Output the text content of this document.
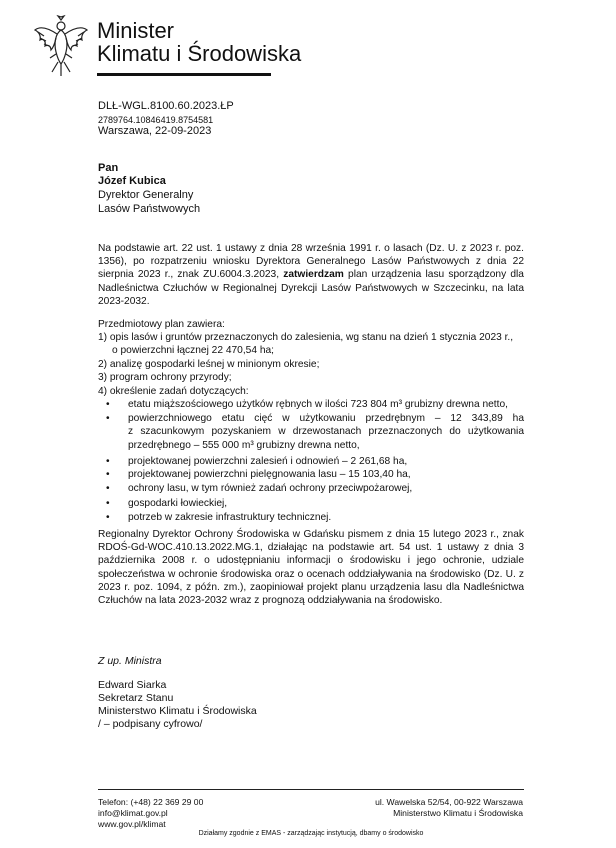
Minister
Klimatu i Środowiska
DLŁ-WGL.8100.60.2023.ŁP
2789764.10846419.8754581
Warszawa, 22-09-2023
Pan
Józef Kubica
Dyrektor Generalny
Lasów Państwowych
Na podstawie art. 22 ust. 1 ustawy z dnia 28 września 1991 r. o lasach (Dz. U. z 2023 r. poz. 1356), po rozpatrzeniu wniosku Dyrektora Generalnego Lasów Państwowych z dnia 22 sierpnia 2023 r., znak ZU.6004.3.2023, zatwierdzam plan urządzenia lasu sporządzony dla Nadleśnictwa Człuchów w Regionalnej Dyrekcji Lasów Państwowych w Szczecinku, na lata 2023-2032.
Przedmiotowy plan zawiera:
1) opis lasów i gruntów przeznaczonych do zalesienia, wg stanu na dzień 1 stycznia 2023 r.,
o powierzchni łącznej 22 470,54 ha;
2) analizę gospodarki leśnej w minionym okresie;
3) program ochrony przyrody;
4) określenie zadań dotyczących:
• etatu miąższościowego użytków rębnych w ilości 723 804 m³ grubizny drewna netto,
• powierzchniowego etatu cięć w użytkowaniu przedrębnym – 12 343,89 ha
z szacunkowym pozyskaniem w drzewostanach przeznaczonych do użytkowania
przedrębnego – 555 000 m³ grubizny drewna netto,
• projektowanej powierzchni zalesień i odnowień – 2 261,68 ha,
• projektowanej powierzchni pielęgnowania lasu – 15 103,40 ha,
• ochrony lasu, w tym również zadań ochrony przeciwpożarowej,
• gospodarki łowieckiej,
• potrzeb w zakresie infrastruktury technicznej.
Regionalny Dyrektor Ochrony Środowiska w Gdańsku pismem z dnia 15 lutego 2023 r., znak RDOŚ-Gd-WOC.410.13.2022.MG.1, działając na podstawie art. 54 ust. 1 ustawy z dnia 3 października 2008 r. o udostępnianiu informacji o środowisku i jego ochronie, udziale społeczeństwa w ochronie środowiska oraz o ocenach oddziaływania na środowisko (Dz. U. z 2023 r. poz. 1094, z późn. zm.), zaopiniował projekt planu urządzenia lasu dla Nadleśnictwa Człuchów na lata 2023-2032 wraz z prognozą oddziaływania na środowisko.
Z up. Ministra
Edward Siarka
Sekretarz Stanu
Ministerstwo Klimatu i Środowiska
/ – podpisany cyfrowo/
Telefon: (+48) 22 369 29 00
info@klimat.gov.pl
www.gov.pl/klimat
ul. Wawelska 52/54, 00-922 Warszawa
Ministerstwo Klimatu i Środowiska
Działamy zgodnie z EMAS - zarządzając instytucją, dbamy o środowisko
